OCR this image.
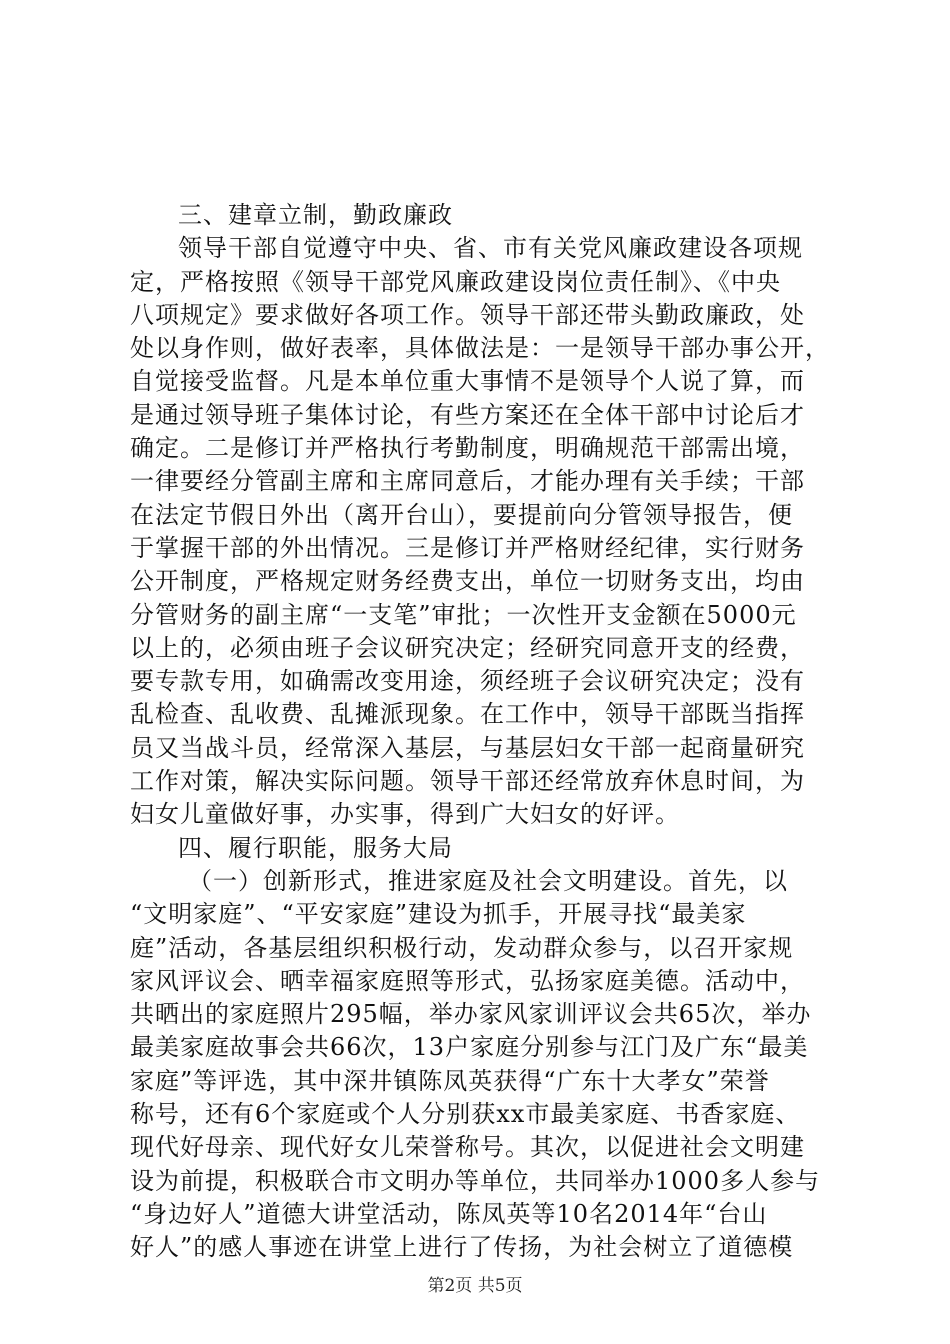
三、建章立制，勤政廉政
领导干部自觉遵守中央、省、市有关党风廉政建设各项规
定，严格按照《领导干部党风廉政建设岗位责任制》、《中央
八项规定》要求做好各项工作。领导干部还带头勤政廉政，处
处以身作则，做好表率，具体做法是：一是领导干部办事公开，
自觉接受监督。凡是本单位重大事情不是领导个人说了算，而
是通过领导班子集体讨论，有些方案还在全体干部中讨论后才
确定。二是修订并严格执行考勤制度，明确规范干部需出境，
一律要经分管副主席和主席同意后，才能办理有关手续；干部
在法定节假日外出（离开台山），要提前向分管领导报告，便
于掌握干部的外出情况。三是修订并严格财经纪律，实行财务
公开制度，严格规定财务经费支出，单位一切财务支出，均由
分管财务的副主席“一支笔”审批；一次性开支金额在5000元
以上的，必须由班子会议研究决定；经研究同意开支的经费，
要专款专用，如确需改变用途，须经班子会议研究决定；没有
乱检查、乱收费、乱摊派现象。在工作中，领导干部既当指挥
员又当战斗员，经常深入基层，与基层妇女干部一起商量研究
工作对策，解决实际问题。领导干部还经常放弃休息时间，为
妇女儿童做好事，办实事，得到广大妇女的好评。
四、履行职能，服务大局
（一）创新形式，推进家庭及社会文明建设。首先，以
“文明家庭”、“平安家庭”建设为抓手，开展寻找“最美家
庭”活动，各基层组织积极行动，发动群众参与，以召开家规
家风评议会、晒幸福家庭照等形式，弘扬家庭美德。活动中，
共晒出的家庭照片295幅，举办家风家训评议会共65次，举办
最美家庭故事会共66次，13户家庭分别参与江门及广东“最美
家庭”等评选，其中深井镇陈凤英获得“广东十大孝女”荣誉
称号，还有6个家庭或个人分别获xx市最美家庭、书香家庭、
现代好母亲、现代好女儿荣誉称号。其次，以促进社会文明建
设为前提，积极联合市文明办等单位，共同举办1000多人参与
“身边好人”道德大讲堂活动，陈凤英等10名2014年“台山
好人”的感人事迹在讲堂上进行了传扬，为社会树立了道德模
第2页 共5页
